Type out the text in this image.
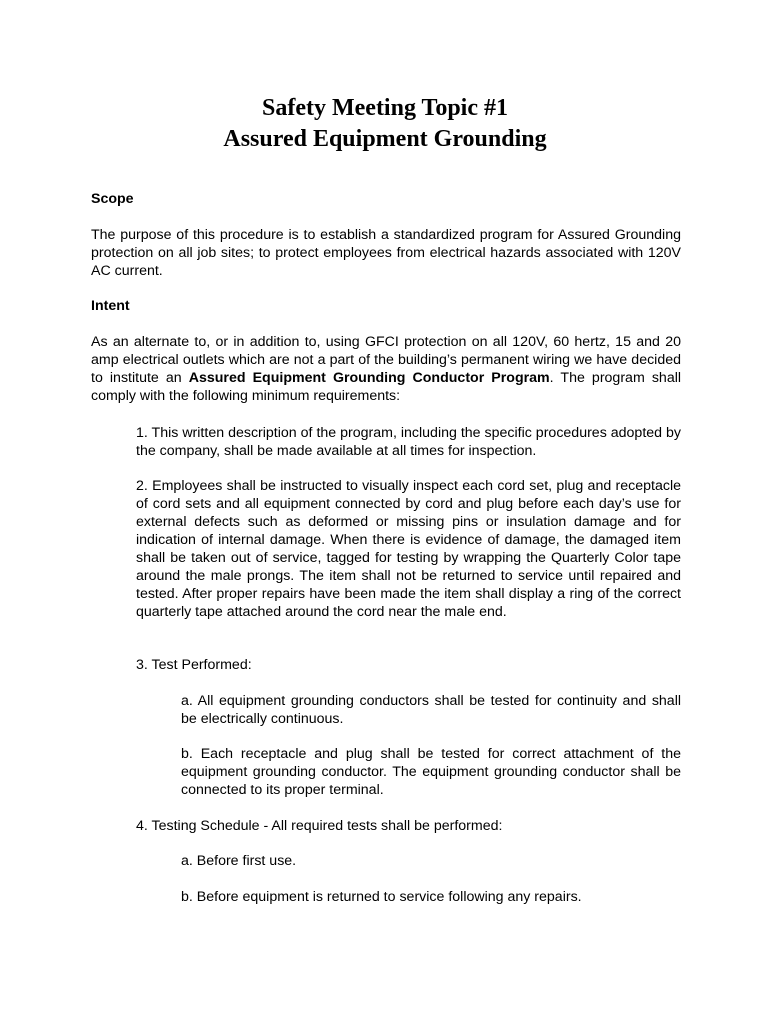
Safety Meeting Topic #1
Assured Equipment Grounding

Scope

The purpose of this procedure is to establish a standardized program for Assured Grounding protection on all job sites; to protect employees from electrical hazards associated with 120V AC current.

Intent

As an alternate to, or in addition to, using GFCI protection on all 120V, 60 hertz, 15 and 20 amp electrical outlets which are not a part of the building’s permanent wiring we have decided to institute an Assured Equipment Grounding Conductor Program. The program shall comply with the following minimum requirements:

1. This written description of the program, including the specific procedures adopted by the company, shall be made available at all times for inspection.

2. Employees shall be instructed to visually inspect each cord set, plug and receptacle of cord sets and all equipment connected by cord and plug before each day’s use for external defects such as deformed or missing pins or insulation damage and for indication of internal damage. When there is evidence of damage, the damaged item shall be taken out of service, tagged for testing by wrapping the Quarterly Color tape around the male prongs. The item shall not be returned to service until repaired and tested. After proper repairs have been made the item shall display a ring of the correct quarterly tape attached around the cord near the male end.

3. Test Performed:

a. All equipment grounding conductors shall be tested for continuity and shall be electrically continuous.

b. Each receptacle and plug shall be tested for correct attachment of the equipment grounding conductor. The equipment grounding conductor shall be connected to its proper terminal.

4. Testing Schedule - All required tests shall be performed:

a. Before first use.

b. Before equipment is returned to service following any repairs.
